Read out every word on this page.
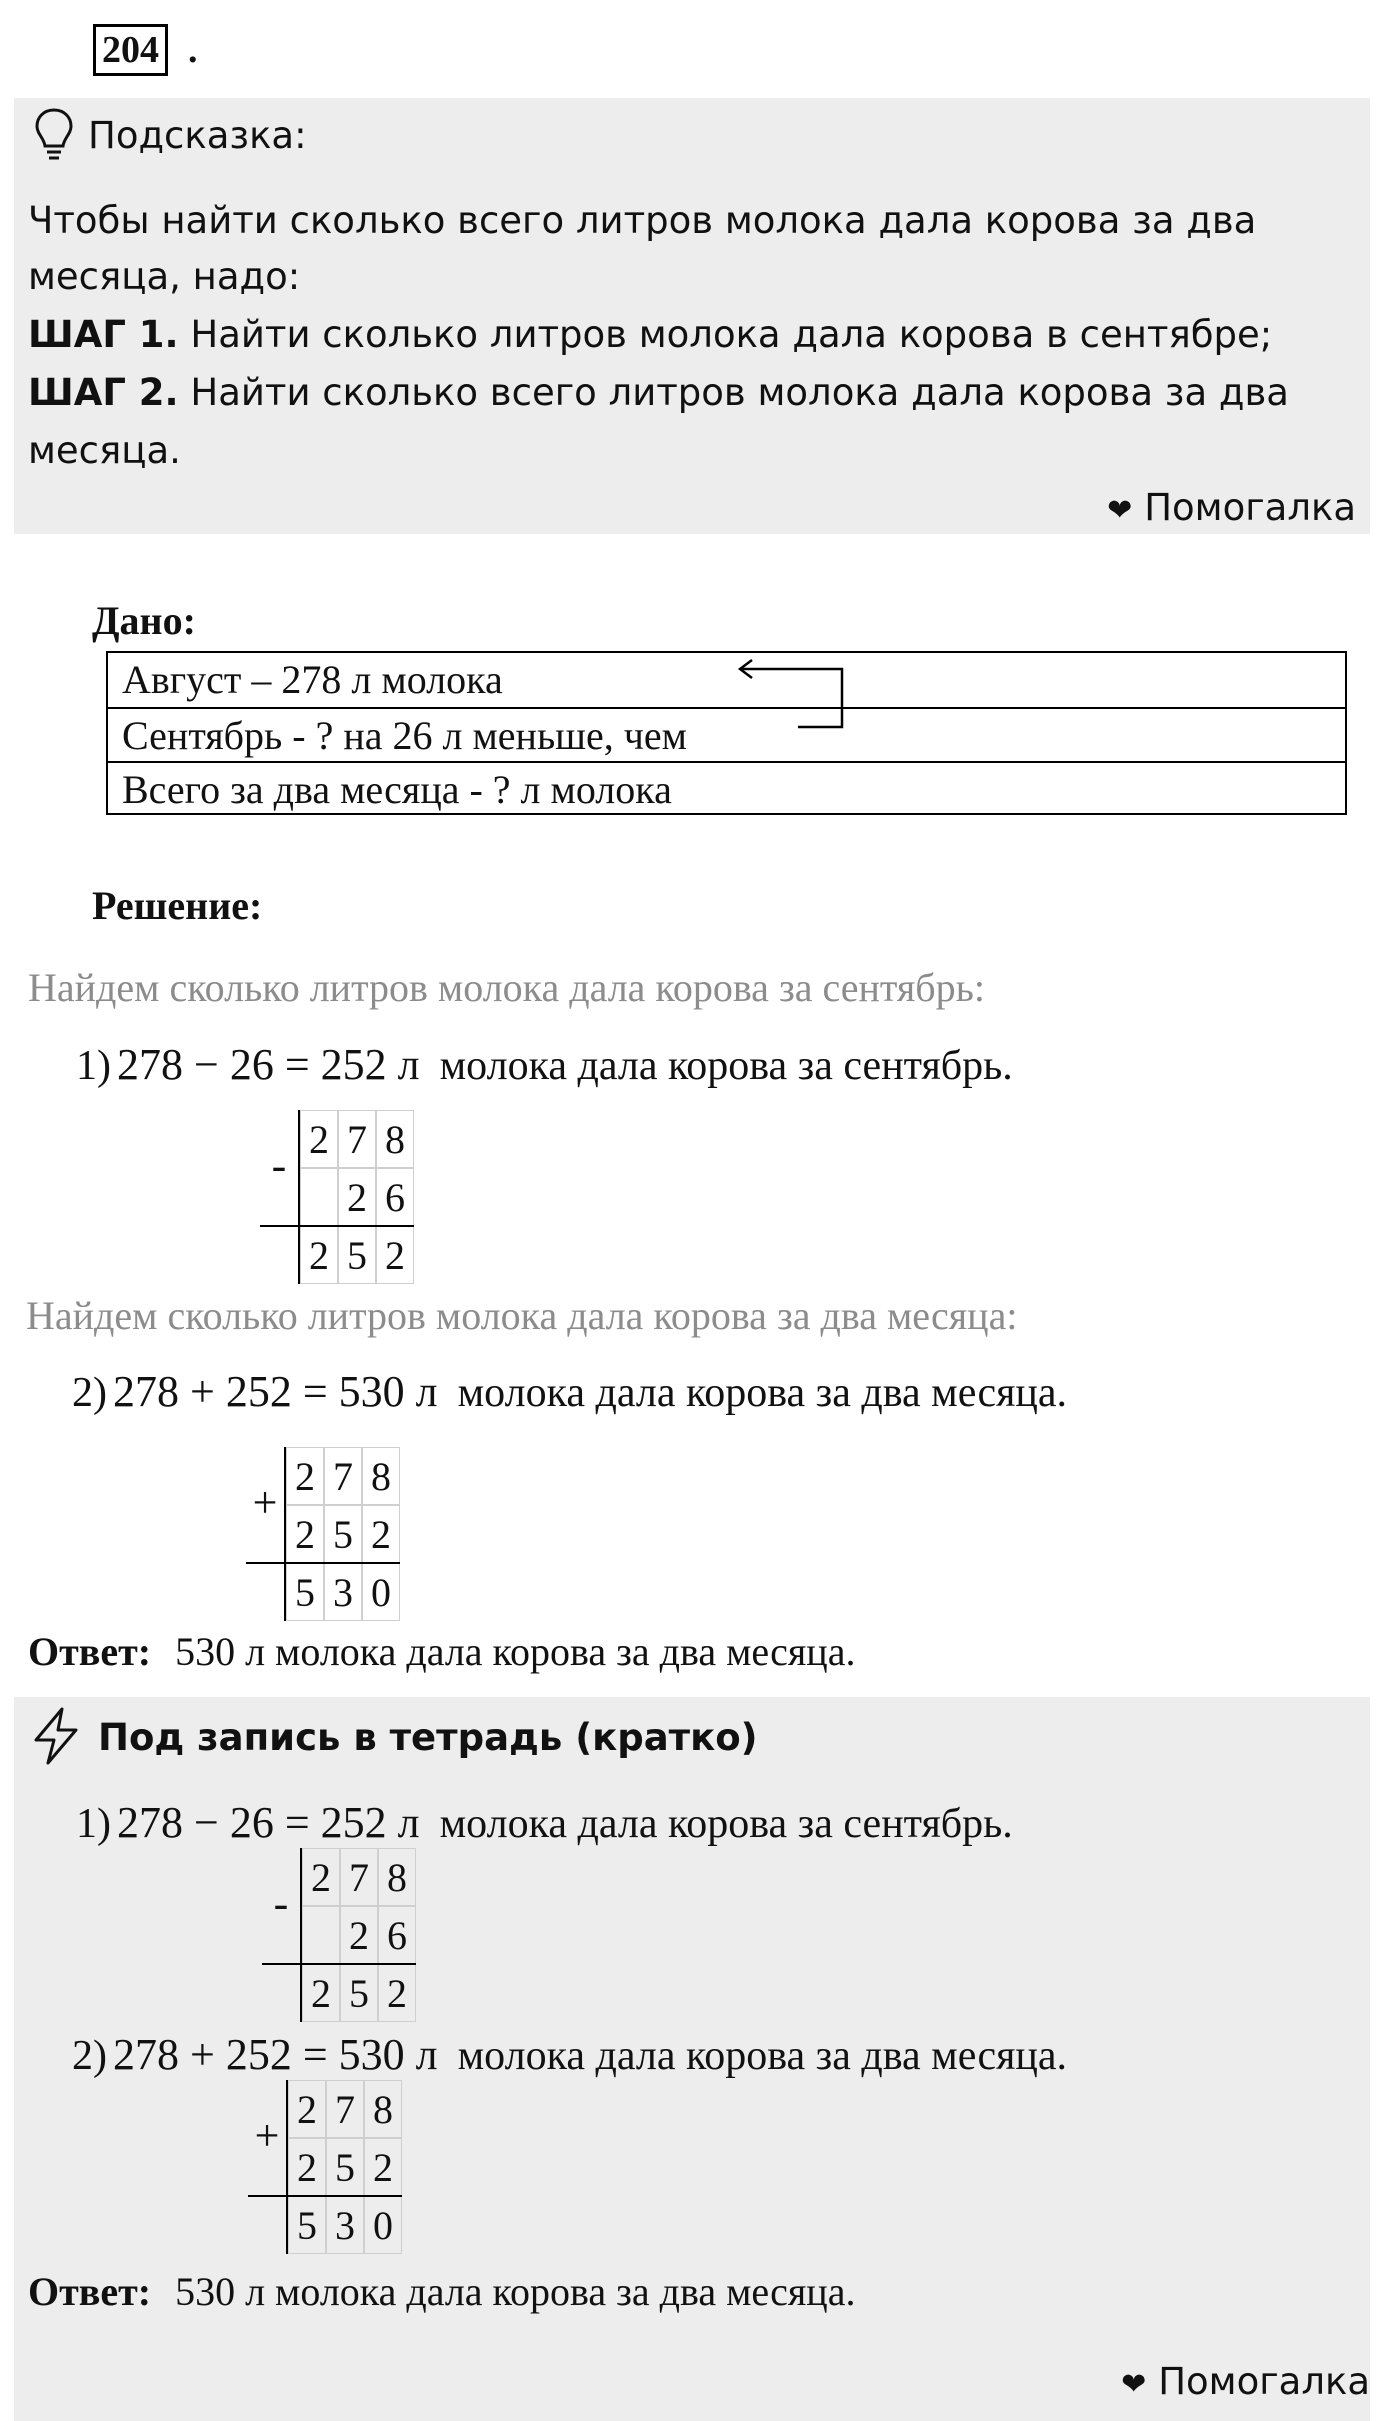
204 .
Подсказка:
Чтобы найти сколько всего литров молока дала корова за два
месяца, надо:
ШАГ 1. Найти сколько литров молока дала корова в сентябре;
ШАГ 2. Найти сколько всего литров молока дала корова за два
месяца.
❤ Помогалка
Дано:
Август – 278 л молока
Сентябрь - ? на 26 л меньше, чем
Всего за два месяца - ? л молока
Решение:
Найдем сколько литров молока дала корова за сентябрь:
1) 278 − 26 = 252 л молока дала корова за сентябрь.
2 7 8
2 6
2 5 2
-
Найдем сколько литров молока дала корова за два месяца:
2) 278 + 252 = 530 л молока дала корова за два месяца.
2 7 8
2 5 2
5 3 0
+
Ответ: 530 л молока дала корова за два месяца.
Под запись в тетрадь (кратко)
1) 278 − 26 = 252 л молока дала корова за сентябрь.
2 7 8
2 6
2 5 2
-
2) 278 + 252 = 530 л молока дала корова за два месяца.
2 7 8
2 5 2
5 3 0
+
Ответ: 530 л молока дала корова за два месяца.
❤ Помогалка
